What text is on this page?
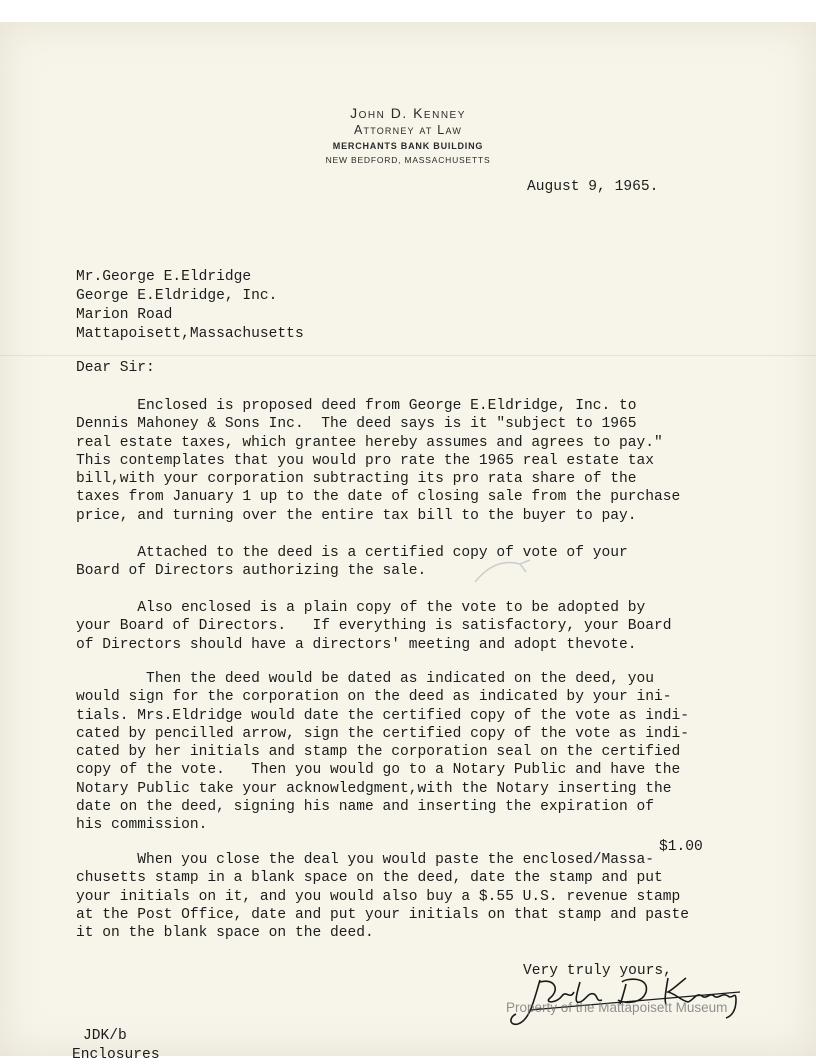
John D. Kenney
Attorney at Law
MERCHANTS BANK BUILDING
NEW BEDFORD, MASSACHUSETTS
August 9, 1965.
Mr.George E.Eldridge
George E.Eldridge, Inc.
Marion Road
Mattapoisett,Massachusetts
Dear Sir:
Enclosed is proposed deed from George E.Eldridge, Inc. to
Dennis Mahoney & Sons Inc.  The deed says is it "subject to 1965
real estate taxes, which grantee hereby assumes and agrees to pay."
This contemplates that you would pro rate the 1965 real estate tax
bill,with your corporation subtracting its pro rata share of the
taxes from January 1 up to the date of closing sale from the purchase
price, and turning over the entire tax bill to the buyer to pay.
Attached to the deed is a certified copy of vote of your
Board of Directors authorizing the sale.
Also enclosed is a plain copy of the vote to be adopted by
your Board of Directors.   If everything is satisfactory, your Board
of Directors should have a directors' meeting and adopt thevote.
Then the deed would be dated as indicated on the deed, you
would sign for the corporation on the deed as indicated by your ini-
tials. Mrs.Eldridge would date the certified copy of the vote as indi-
cated by pencilled arrow, sign the certified copy of the vote as indi-
cated by her initials and stamp the corporation seal on the certified
copy of the vote.   Then you would go to a Notary Public and have the
Notary Public take your acknowledgment,with the Notary inserting the
date on the deed, signing his name and inserting the expiration of
his commission.
$1.00
When you close the deal you would paste the enclosed/Massa-
chusetts stamp in a blank space on the deed, date the stamp and put
your initials on it, and you would also buy a $.55 U.S. revenue stamp
at the Post Office, date and put your initials on that stamp and paste
it on the blank space on the deed.
Very truly yours,
Property of the Mattapoisett Museum
JDK/b
Enclosures
